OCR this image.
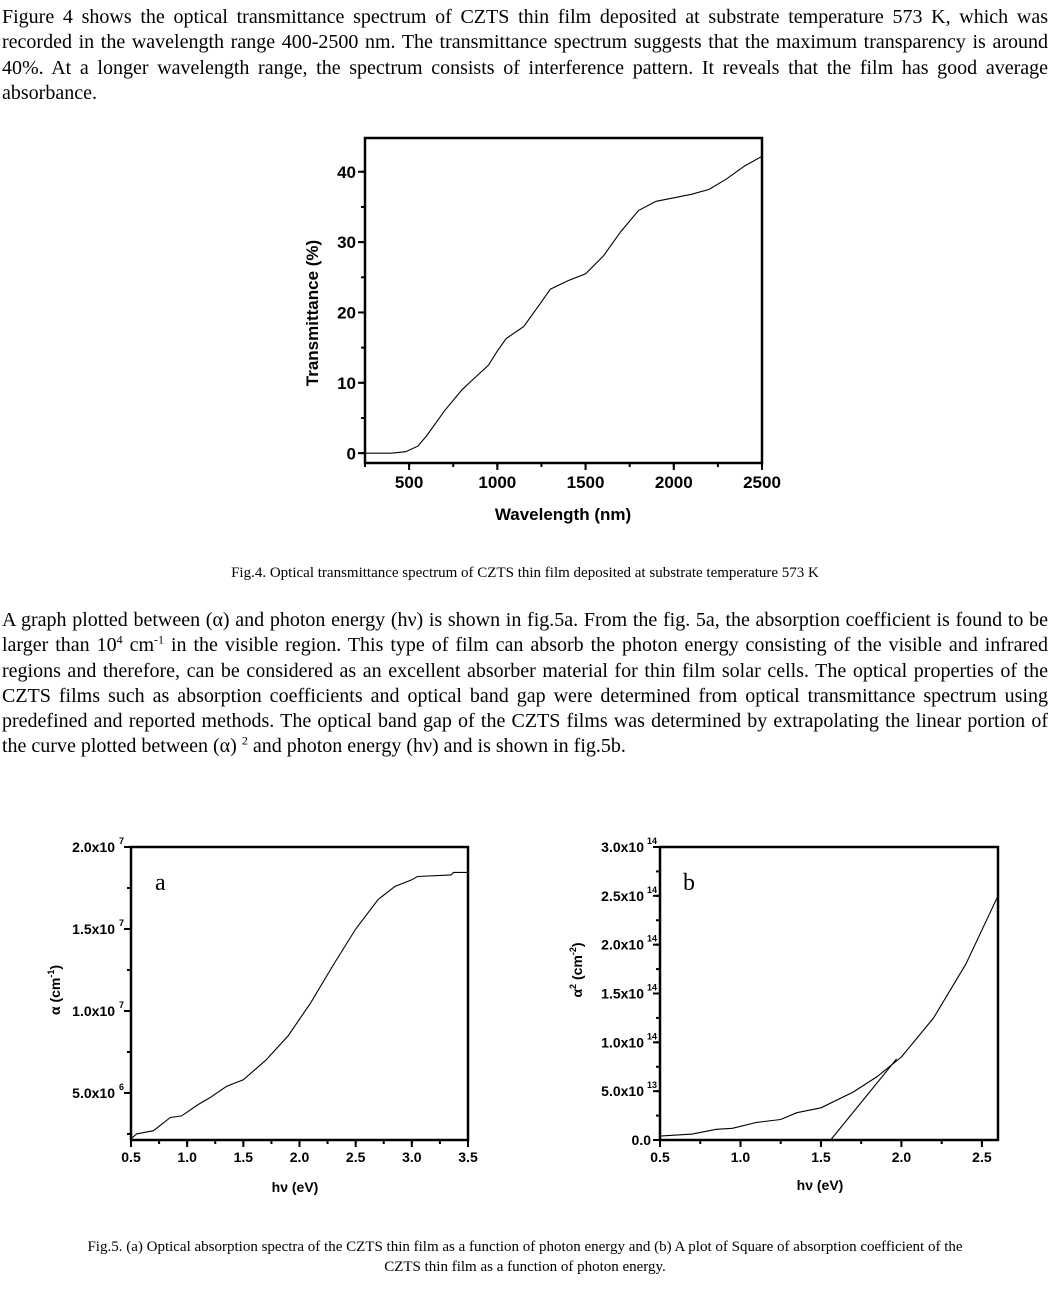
Figure 4 shows the optical transmittance spectrum of CZTS thin film deposited at substrate temperature 573 K, which was recorded in the wavelength range 400-2500 nm. The transmittance spectrum suggests that the maximum transparency is around 40%. At a longer wavelength range, the spectrum consists of interference pattern. It reveals that the film has good average absorbance.
500	1000	1500	2000	2500
0
10
20
30
40
Wavelength (nm)
Transmittance (%)
Fig.4. Optical transmittance spectrum of CZTS thin film deposited at substrate temperature 573 K
A graph plotted between (α) and photon energy (hν) is shown in fig.5a. From the fig. 5a, the absorption coefficient is found to be larger than $10^4$ $cm^{-1}$ in the visible region. This type of film can absorb the photon energy consisting of the visible and infrared regions and therefore, can be considered as an excellent absorber material for thin film solar cells. The optical properties of the CZTS films such as absorption coefficients and optical band gap were determined from optical transmittance spectrum using predefined and reported methods. The optical band gap of the CZTS films was determined by extrapolating the linear portion of the curve plotted between (α) $^2$ and photon energy (hν) and is shown in fig.5b.
0.5	1.0	1.5	2.0	2.5	3.0	3.5
5.0x10 6
1.0x10 7
1.5x10 7
2.0x10 7
hν (eV)
α $(cm^{-1})$
a
0.5	1.0	1.5	2.0	2.5
0.0
5.0x10 13
1.0x10 14
1.5x10 14
2.0x10 14
2.5x10 14
3.0x10 14
hν (eV)
$\alpha^2$ $(cm^{-2})$
b
Fig.5. (a) Optical absorption spectra of the CZTS thin film as a function of photon energy and (b) A plot of Square of absorption coefficient of the
CZTS thin film as a function of photon energy.
